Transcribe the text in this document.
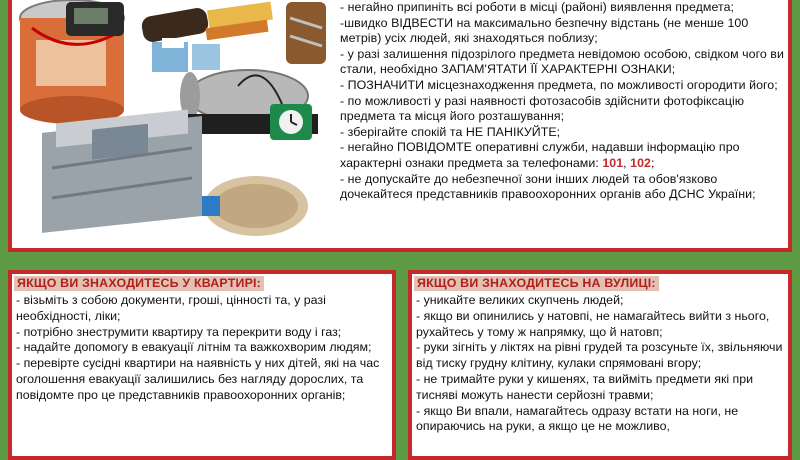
- негайно припиніть всі роботи в місці (районі) виявлення предмета;

-швидко ВІДВЕСТИ на максимально безпечну відстань (не менше 100 метрів) усіх людей, які знаходяться поблизу;

- у разі залишення підозрілого предмета невідомою особою, свідком чого ви стали, необхідно ЗАПАМ'ЯТАТИ ЇЇ ХАРАКТЕРНІ ОЗНАКИ;

- ПОЗНАЧИТИ місцезнаходження предмета, по можливості огородити його;

- по можливості у разі наявності фотозасобів здійснити фотофіксацію предмета та місця його розташування;

- зберігайте спокій та НЕ ПАНІКУЙТЕ;

- негайно ПОВІДОМТЕ оперативні служби, надавши інформацію про характерні ознаки предмета за телефонами: 101, 102;

- не допускайте до небезпечної зони інших людей та обов'язково дочекайтеся представників правоохоронних органів або ДСНС України;

ЯКЩО ВИ ЗНАХОДИТЕСЬ У КВАРТИРІ:

- візьміть з собою документи, гроші, цінності та, у разі необхідності, ліки;

- потрібно знеструмити квартиру та перекрити воду і газ;

- надайте допомогу в евакуації літнім та важкохворим людям;

- перевірте сусідні квартири на наявність у них дітей, які на час оголошення евакуації залишились без нагляду дорослих, та повідомте про це представників правоохоронних органів;

ЯКЩО ВИ ЗНАХОДИТЕСЬ НА ВУЛИЦІ:

- уникайте великих скупчень людей;

- якщо ви опинились у натовпі, не намагайтесь вийти з нього, рухайтесь у тому ж напрямку, що й натовп;

- руки зігніть у ліктях на рівні грудей та розсуньте їх, звільняючи від тиску грудну клітину, кулаки спрямовані вгору;

- не тримайте руки у кишенях, та вийміть предмети які при тисняві можуть нанести серйозні травми;

- якщо Ви впали, намагайтесь одразу встати на ноги, не опираючись на руки, а якщо це не можливо,
